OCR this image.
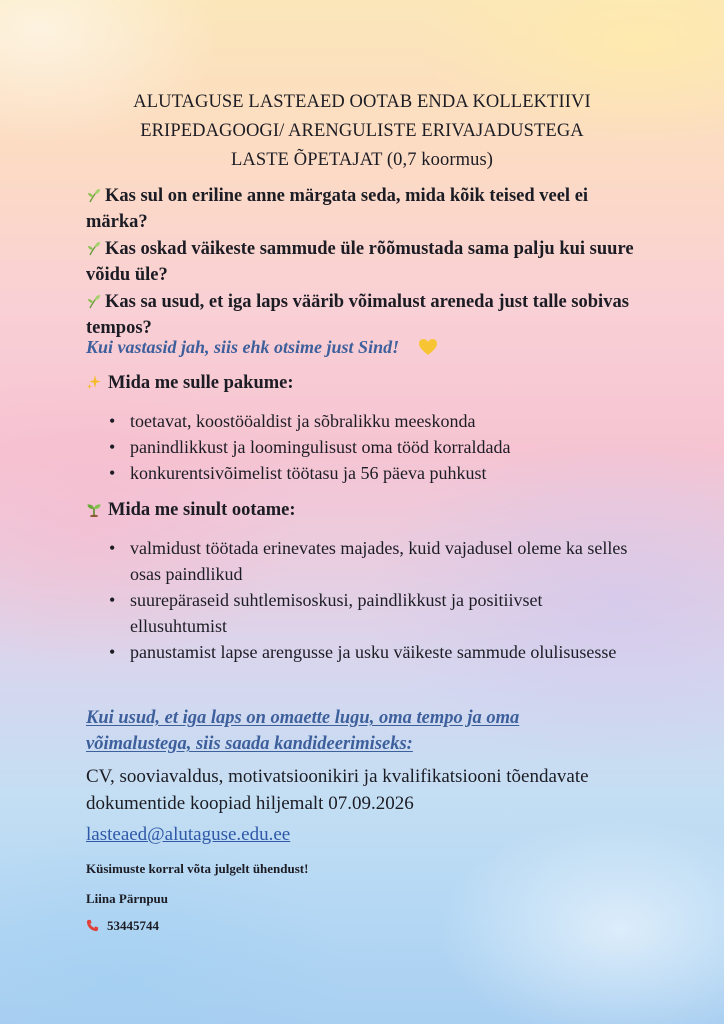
ALUTAGUSE LASTEAED OOTAB ENDA KOLLEKTIIVI
ERIPEDAGOOGI/ ARENGULISTE ERIVAJADUSTEGA
LASTE ÕPETAJAT (0,7 koormus)

Kas sul on eriline anne märgata seda, mida kõik teised veel ei märka?

Kas oskad väikeste sammude üle rõõmustada sama palju kui suure võidu üle?

Kas sa usud, et iga laps väärib võimalust areneda just talle sobivas tempos?

Kui vastasid jah, siis ehk otsime just Sind!

Mida me sulle pakume:

• toetavat, koostööaldist ja sõbralikku meeskonda
• panindlikkust ja loomingulisust oma tööd korraldada
• konkurentsivõimelist töötasu ja 56 päeva puhkust

Mida me sinult ootame:

• valmidust töötada erinevates majades, kuid vajadusel oleme ka selles osas paindlikud
• suurepäraseid suhtlemisoskusi, paindlikkust ja positiivset ellusuhtumist
• panustamist lapse arengusse ja usku väikeste sammude olulisusesse

Kui usud, et iga laps on omaette lugu, oma tempo ja oma võimalustega, siis saada kandideerimiseks:

CV, sooviavaldus, motivatsioonikiri ja kvalifikatsiooni tõendavate dokumentide koopiad hiljemalt 07.09.2026

lasteaed@alutaguse.edu.ee

Küsimuste korral võta julgelt ühendust!

Liina Pärnpuu

53445744
